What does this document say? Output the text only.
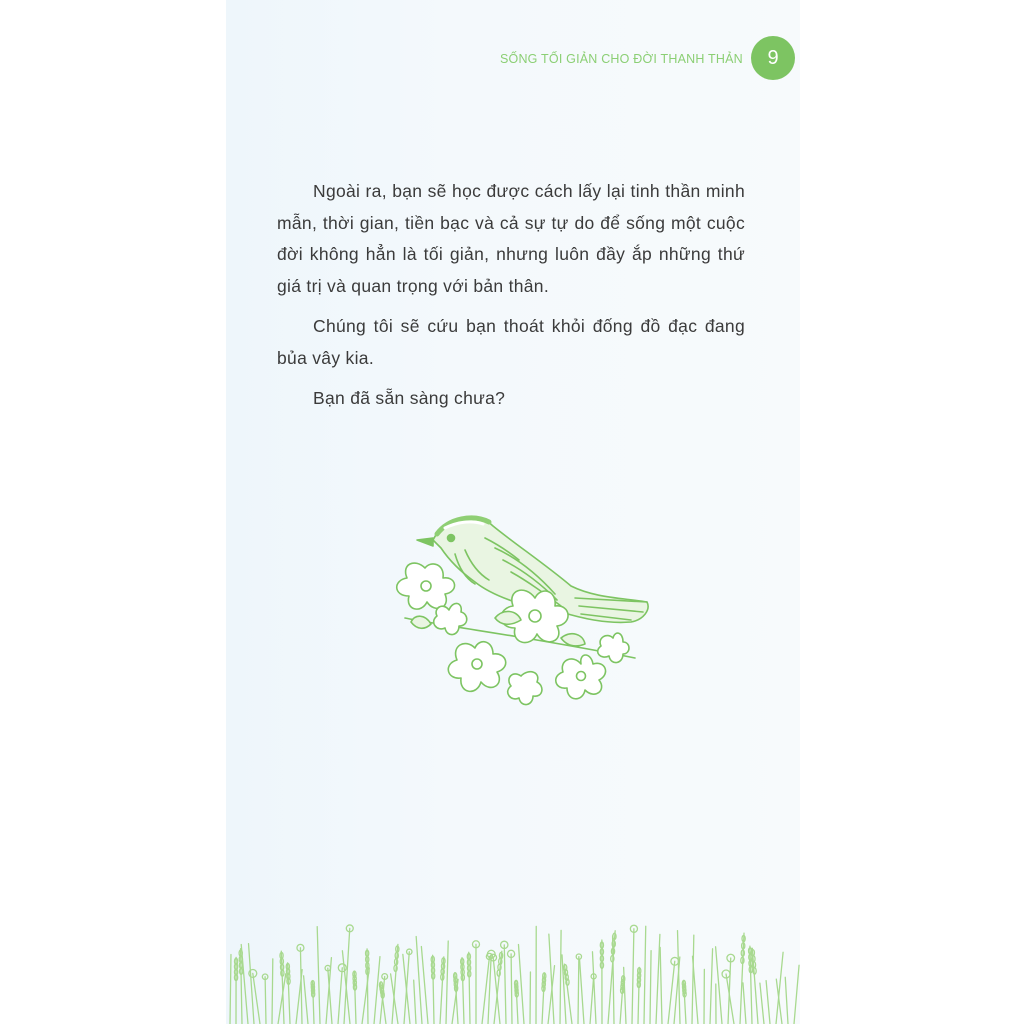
SỐNG TỐI GIẢN CHO ĐỜI THANH THẢN	9

Ngoài ra, bạn sẽ học được cách lấy lại tinh thần minh mẫn, thời gian, tiền bạc và cả sự tự do để sống một cuộc đời không hẳn là tối giản, nhưng luôn đầy ắp những thứ giá trị và quan trọng với bản thân.

Chúng tôi sẽ cứu bạn thoát khỏi đống đồ đạc đang bủa vây kia.

Bạn đã sẵn sàng chưa?
